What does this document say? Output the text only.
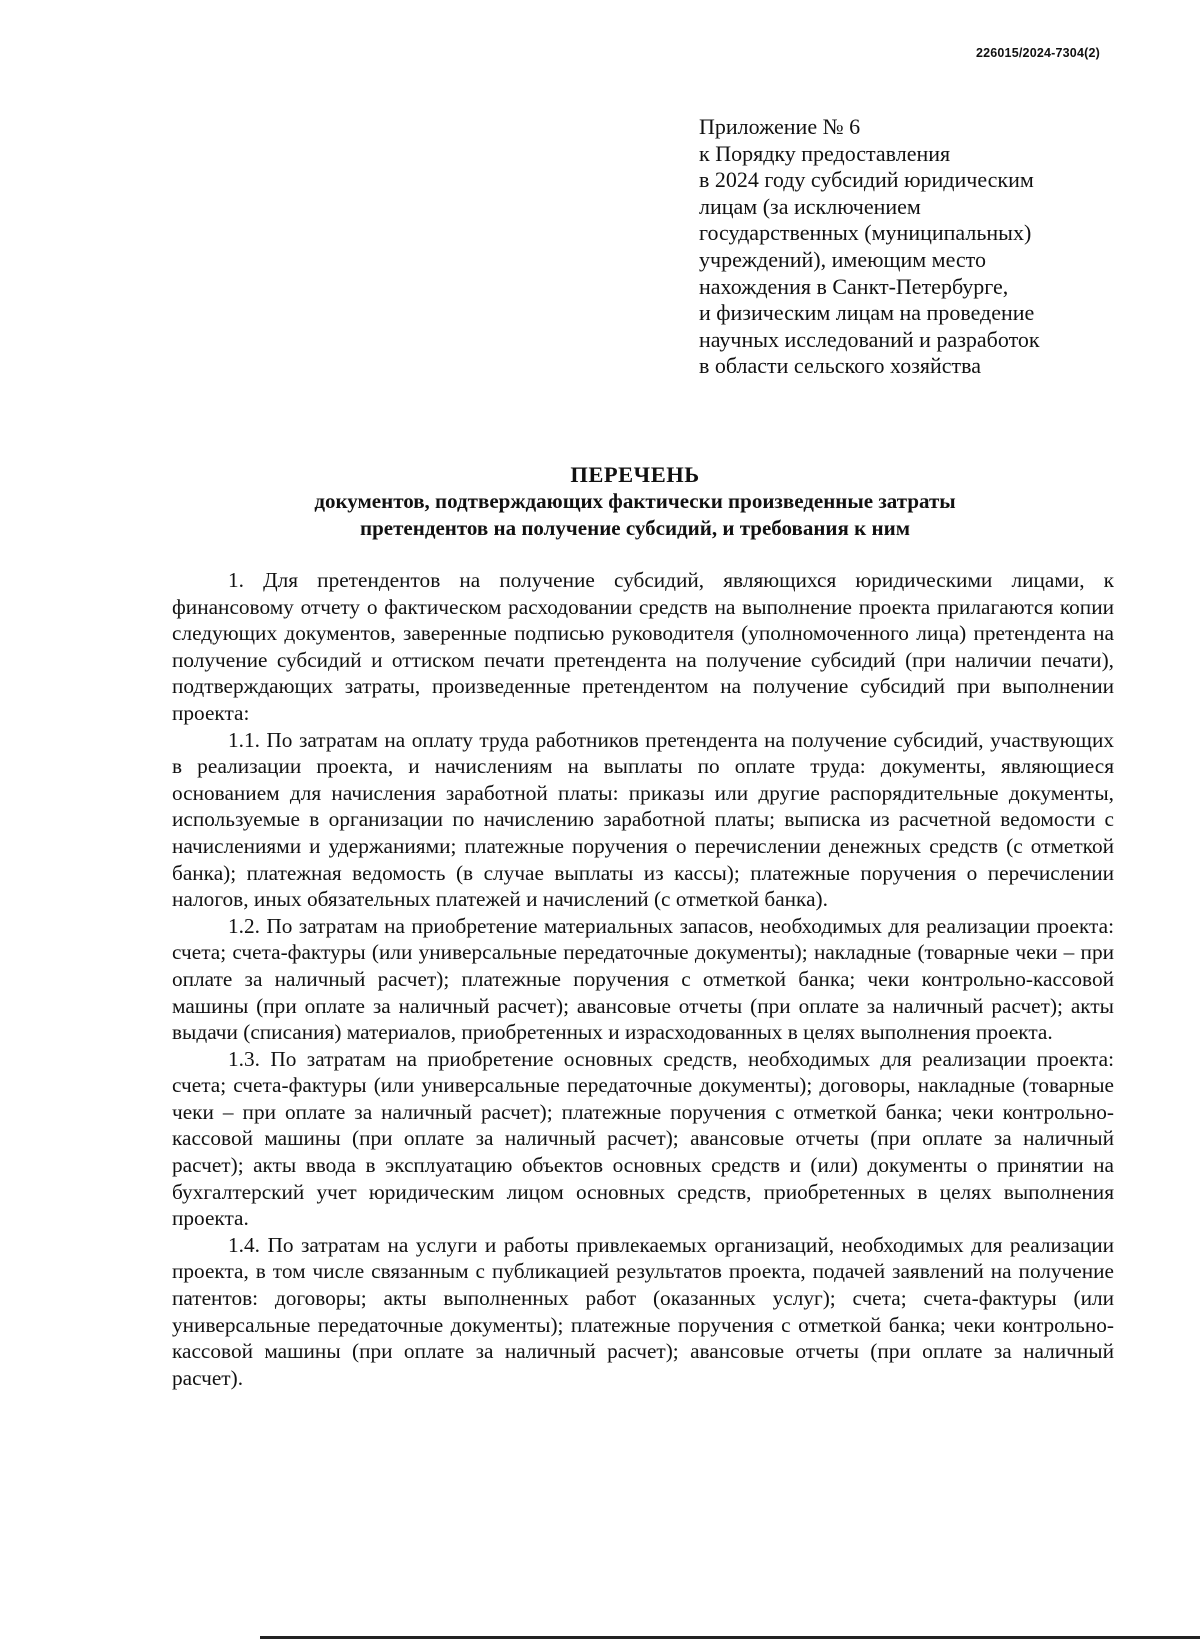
226015/2024-7304(2)
Приложение № 6
к Порядку предоставления
в 2024 году субсидий юридическим
лицам (за исключением
государственных (муниципальных)
учреждений), имеющим место
нахождения в Санкт-Петербурге,
и физическим лицам на проведение
научных исследований и разработок
в области сельского хозяйства
ПЕРЕЧЕНЬ
документов, подтверждающих фактически произведенные затраты
претендентов на получение субсидий, и требования к ним

1. Для претендентов на получение субсидий, являющихся юридическими лицами, к финансовому отчету о фактическом расходовании средств на выполнение проекта прилагаются копии следующих документов, заверенные подписью руководителя (уполномоченного лица) претендента на получение субсидий и оттиском печати претендента на получение субсидий (при наличии печати), подтверждающих затраты, произведенные претендентом на получение субсидий при выполнении проекта:

1.1. По затратам на оплату труда работников претендента на получение субсидий, участвующих в реализации проекта, и начислениям на выплаты по оплате труда: документы, являющиеся основанием для начисления заработной платы: приказы или другие распорядительные документы, используемые в организации по начислению заработной платы; выписка из расчетной ведомости с начислениями и удержаниями; платежные поручения о перечислении денежных средств (с отметкой банка); платежная ведомость (в случае выплаты из кассы); платежные поручения о перечислении налогов, иных обязательных платежей и начислений (с отметкой банка).

1.2. По затратам на приобретение материальных запасов, необходимых для реализации проекта: счета; счета-фактуры (или универсальные передаточные документы); накладные (товарные чеки – при оплате за наличный расчет); платежные поручения с отметкой банка; чеки контрольно-кассовой машины (при оплате за наличный расчет); авансовые отчеты (при оплате за наличный расчет); акты выдачи (списания) материалов, приобретенных и израсходованных в целях выполнения проекта.

1.3. По затратам на приобретение основных средств, необходимых для реализации проекта: счета; счета-фактуры (или универсальные передаточные документы); договоры, накладные (товарные чеки – при оплате за наличный расчет); платежные поручения с отметкой банка; чеки контрольно-кассовой машины (при оплате за наличный расчет); авансовые отчеты (при оплате за наличный расчет); акты ввода в эксплуатацию объектов основных средств и (или) документы о принятии на бухгалтерский учет юридическим лицом основных средств, приобретенных в целях выполнения проекта.

1.4. По затратам на услуги и работы привлекаемых организаций, необходимых для реализации проекта, в том числе связанным с публикацией результатов проекта, подачей заявлений на получение патентов: договоры; акты выполненных работ (оказанных услуг); счета; счета-фактуры (или универсальные передаточные документы); платежные поручения с отметкой банка; чеки контрольно-кассовой машины (при оплате за наличный расчет); авансовые отчеты (при оплате за наличный расчет).
